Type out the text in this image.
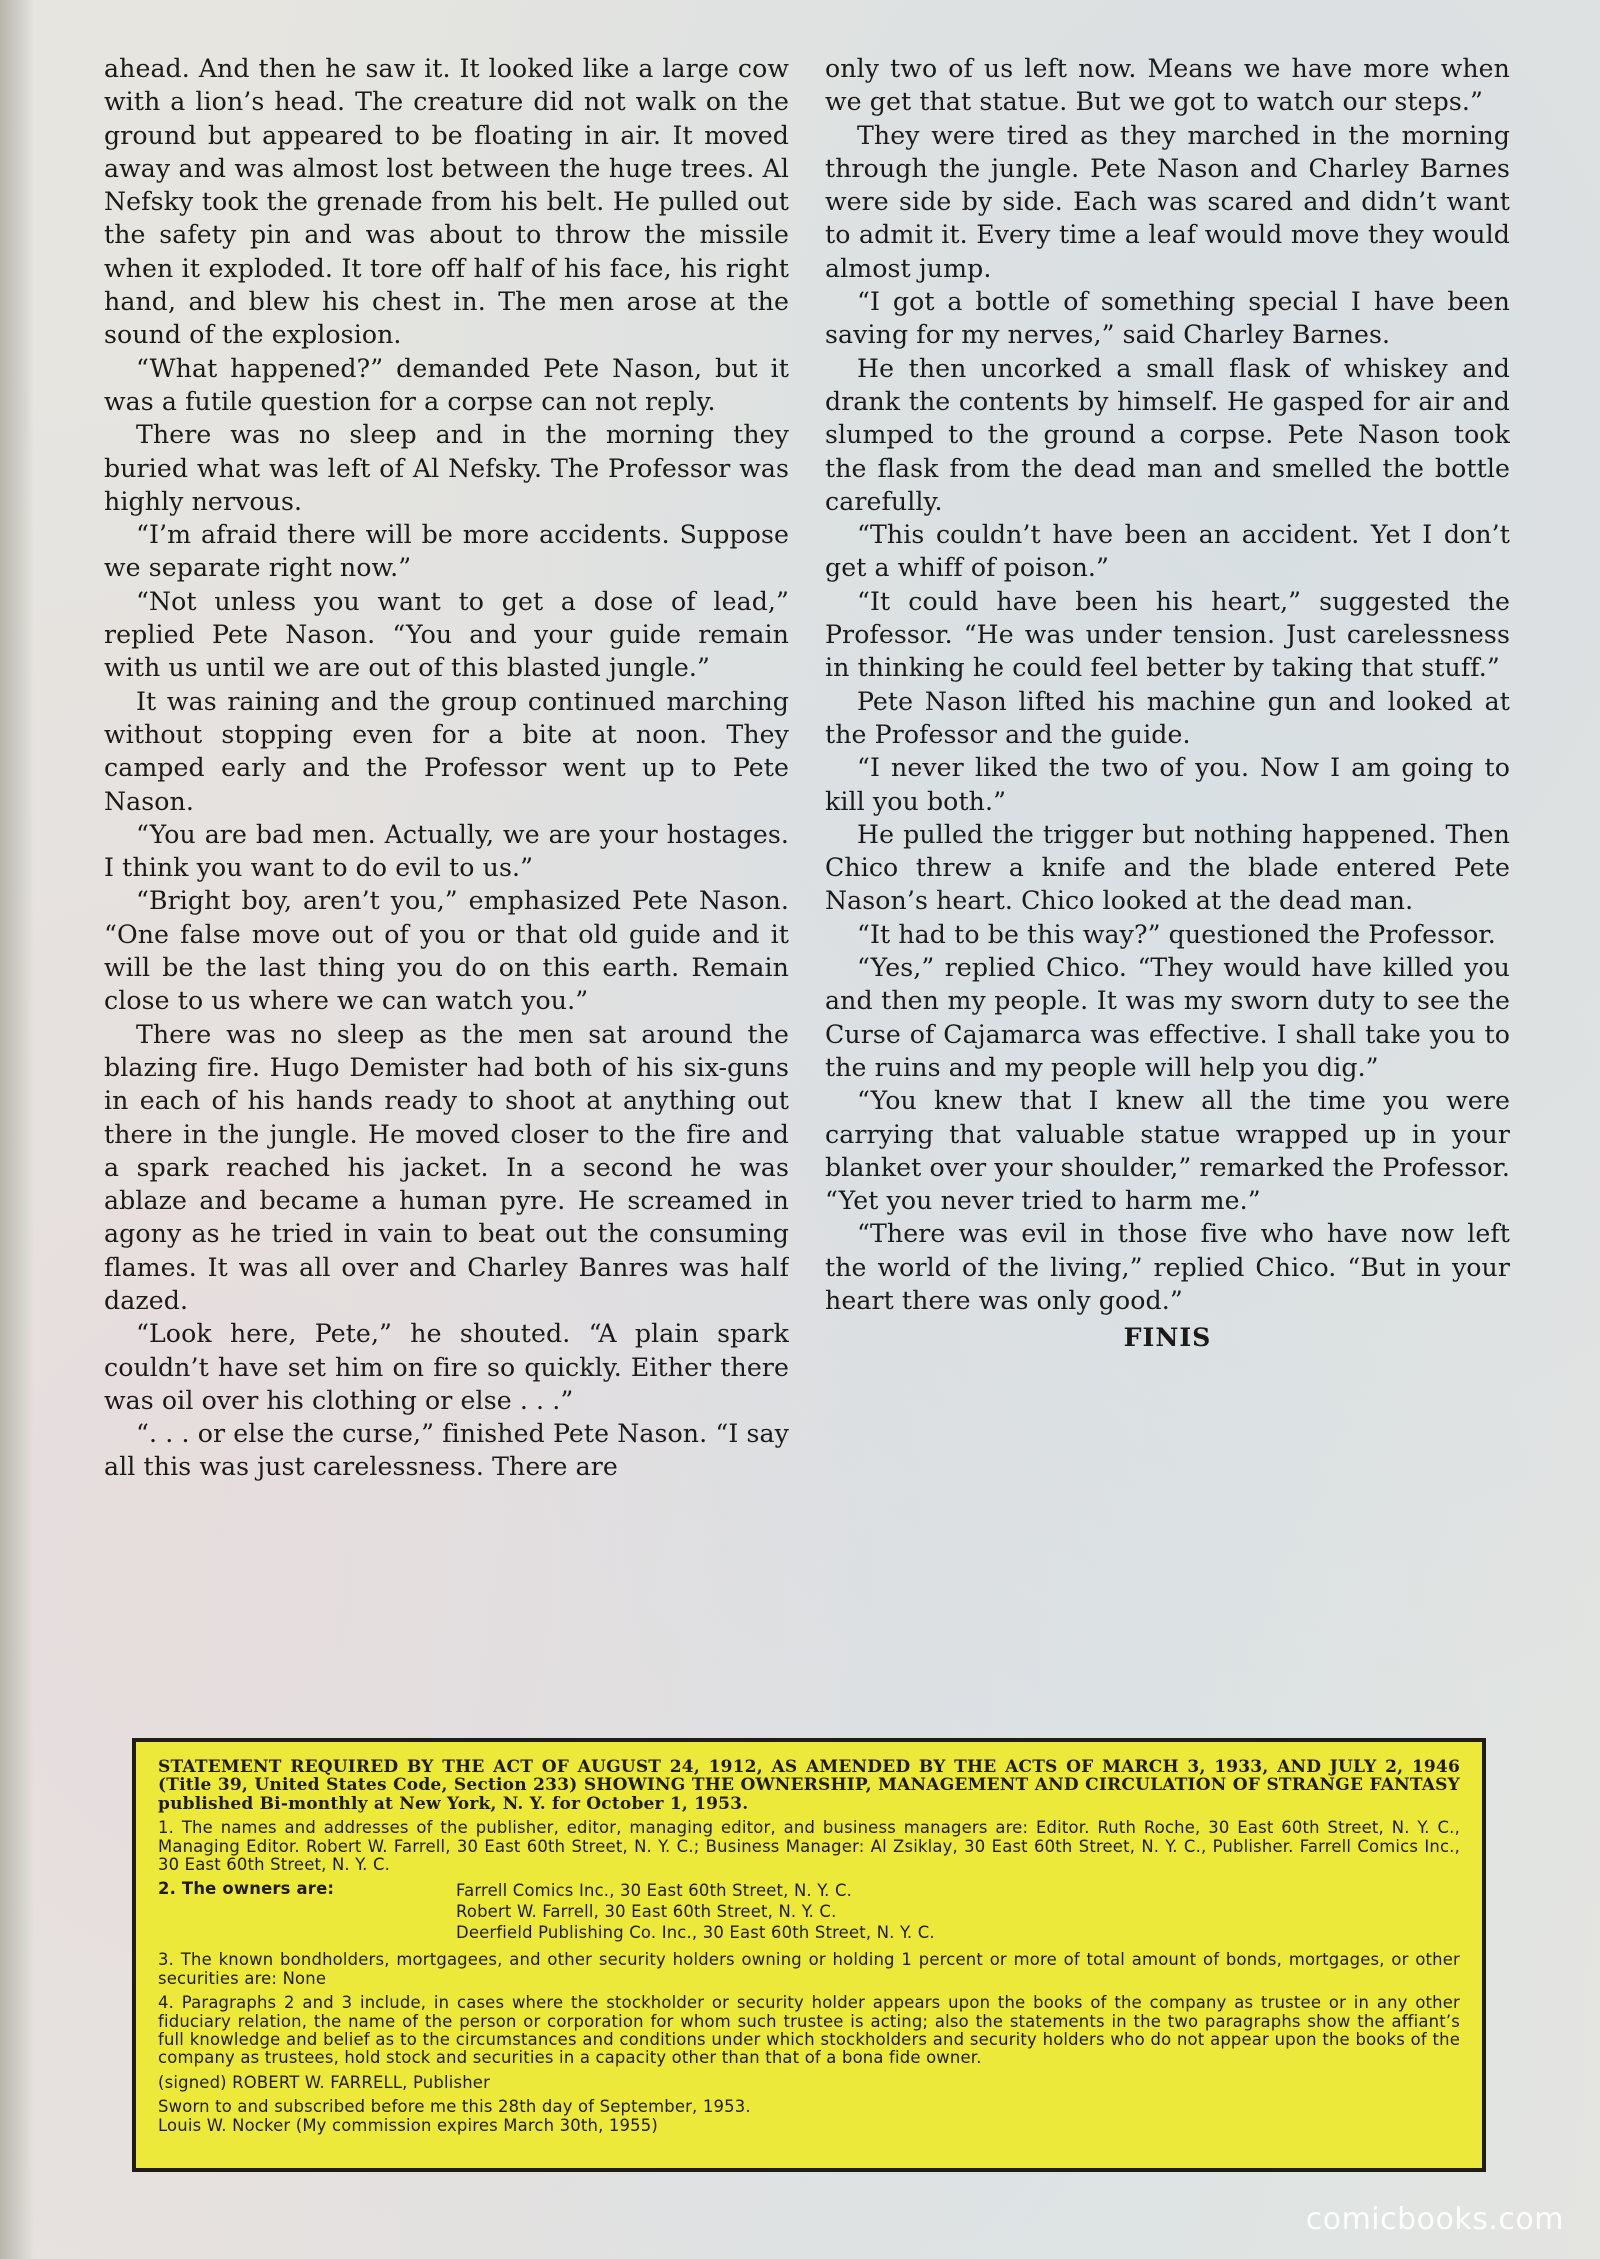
ahead. And then he saw it. It looked like a large cow with a lion’s head. The creature did not walk on the ground but appeared to be floating in air. It moved away and was almost lost between the huge trees. Al Nefsky took the grenade from his belt. He pulled out the safety pin and was about to throw the missile when it exploded. It tore off half of his face, his right hand, and blew his chest in. The men arose at the sound of the explosion.

“What happened?” demanded Pete Nason, but it was a futile question for a corpse can not reply.

There was no sleep and in the morning they buried what was left of Al Nefsky. The Professor was highly nervous.

“I’m afraid there will be more accidents. Suppose we separate right now.”

“Not unless you want to get a dose of lead,” replied Pete Nason. “You and your guide remain with us until we are out of this blasted jungle.”

It was raining and the group continued marching without stopping even for a bite at noon. They camped early and the Professor went up to Pete Nason.

“You are bad men. Actually, we are your hostages. I think you want to do evil to us.”

“Bright boy, aren’t you,” emphasized Pete Nason. “One false move out of you or that old guide and it will be the last thing you do on this earth. Remain close to us where we can watch you.”

There was no sleep as the men sat around the blazing fire. Hugo Demister had both of his six-guns in each of his hands ready to shoot at anything out there in the jungle. He moved closer to the fire and a spark reached his jacket. In a second he was ablaze and became a human pyre. He screamed in agony as he tried in vain to beat out the consuming flames. It was all over and Charley Banres was half dazed.

“Look here, Pete,” he shouted. “A plain spark couldn’t have set him on fire so quickly. Either there was oil over his clothing or else . . .”

“. . . or else the curse,” finished Pete Nason. “I say all this was just carelessness. There are

only two of us left now. Means we have more when we get that statue. But we got to watch our steps.”

They were tired as they marched in the morning through the jungle. Pete Nason and Charley Barnes were side by side. Each was scared and didn’t want to admit it. Every time a leaf would move they would almost jump.

“I got a bottle of something special I have been saving for my nerves,” said Charley Barnes.

He then uncorked a small flask of whiskey and drank the contents by himself. He gasped for air and slumped to the ground a corpse. Pete Nason took the flask from the dead man and smelled the bottle carefully.

“This couldn’t have been an accident. Yet I don’t get a whiff of poison.”

“It could have been his heart,” suggested the Professor. “He was under tension. Just carelessness in thinking he could feel better by taking that stuff.”

Pete Nason lifted his machine gun and looked at the Professor and the guide.

“I never liked the two of you. Now I am going to kill you both.”

He pulled the trigger but nothing happened. Then Chico threw a knife and the blade entered Pete Nason’s heart. Chico looked at the dead man.

“It had to be this way?” questioned the Professor.

“Yes,” replied Chico. “They would have killed you and then my people. It was my sworn duty to see the Curse of Cajamarca was effective. I shall take you to the ruins and my people will help you dig.”

“You knew that I knew all the time you were carrying that valuable statue wrapped up in your blanket over your shoulder,” remarked the Professor. “Yet you never tried to harm me.”

“There was evil in those five who have now left the world of the living,” replied Chico. “But in your heart there was only good.”

FINIS

STATEMENT REQUIRED BY THE ACT OF AUGUST 24, 1912, AS AMENDED BY THE ACTS OF MARCH 3, 1933, AND JULY 2, 1946 (Title 39, United States Code, Section 233) SHOWING THE OWNERSHIP, MANAGEMENT AND CIRCULATION OF STRANGE FANTASY published Bi-monthly at New York, N. Y. for October 1, 1953.

1. The names and addresses of the publisher, editor, managing editor, and business managers are: Editor. Ruth Roche, 30 East 60th Street, N. Y. C., Managing Editor. Robert W. Farrell, 30 East 60th Street, N. Y. C.; Business Manager: Al Zsiklay, 30 East 60th Street, N. Y. C., Publisher. Farrell Comics Inc., 30 East 60th Street, N. Y. C.

2. The owners are:	Farrell Comics Inc., 30 East 60th Street, N. Y. C.
Robert W. Farrell, 30 East 60th Street, N. Y. C.
Deerfield Publishing Co. Inc., 30 East 60th Street, N. Y. C.

3. The known bondholders, mortgagees, and other security holders owning or holding 1 percent or more of total amount of bonds, mortgages, or other securities are: None

4. Paragraphs 2 and 3 include, in cases where the stockholder or security holder appears upon the books of the company as trustee or in any other fiduciary relation, the name of the person or corporation for whom such trustee is acting; also the statements in the two paragraphs show the affiant’s full knowledge and belief as to the circumstances and conditions under which stockholders and security holders who do not appear upon the books of the company as trustees, hold stock and securities in a capacity other than that of a bona fide owner.

(signed) ROBERT W. FARRELL, Publisher

Sworn to and subscribed before me this 28th day of September, 1953.
Louis W. Nocker (My commission expires March 30th, 1955)

comicbooks.com
